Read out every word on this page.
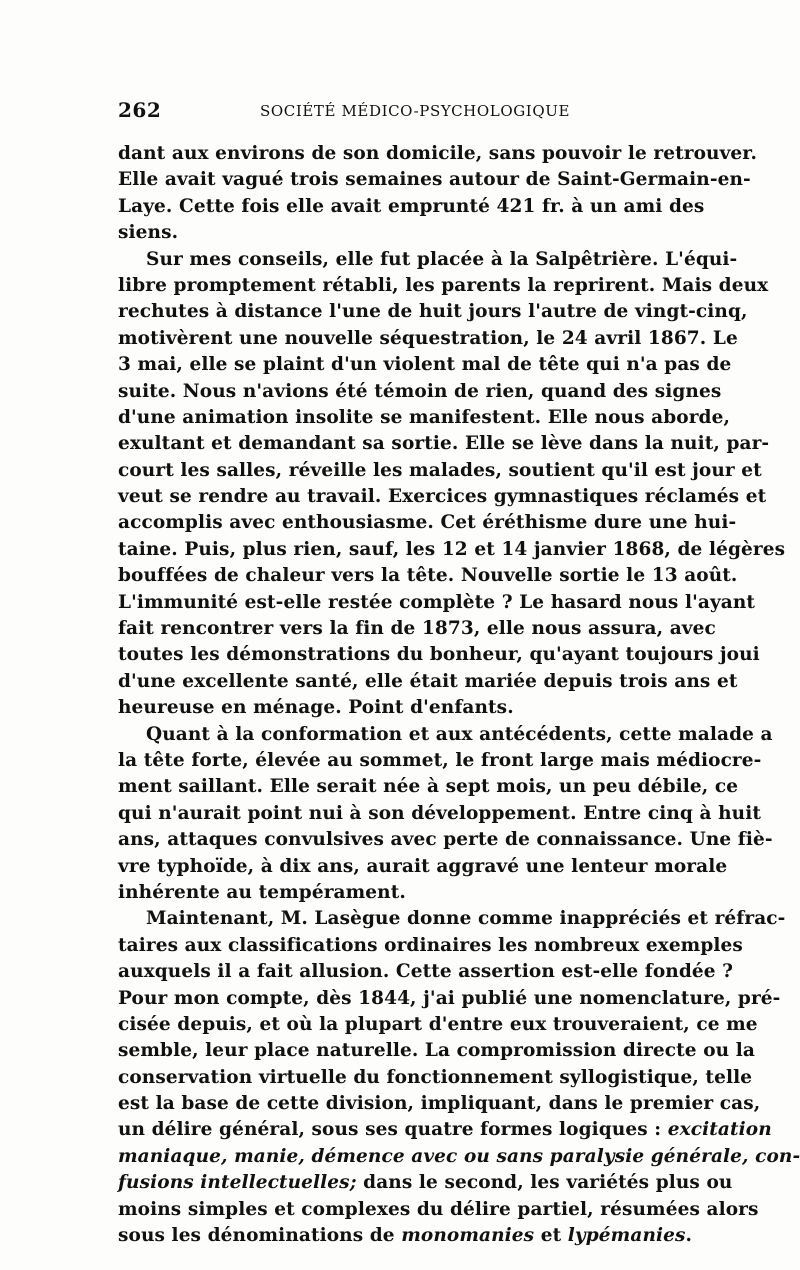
262	SOCIÉTÉ MÉDICO-PSYCHOLOGIQUE
dant aux environs de son domicile, sans pouvoir le retrouver.
Elle avait vagué trois semaines autour de Saint-Germain-en-
Laye. Cette fois elle avait emprunté 421 fr. à un ami des
siens.
Sur mes conseils, elle fut placée à la Salpêtrière. L'équi-
libre promptement rétabli, les parents la reprirent. Mais deux
rechutes à distance l'une de huit jours l'autre de vingt-cinq,
motivèrent une nouvelle séquestration, le 24 avril 1867. Le
3 mai, elle se plaint d'un violent mal de tête qui n'a pas de
suite. Nous n'avions été témoin de rien, quand des signes
d'une animation insolite se manifestent. Elle nous aborde,
exultant et demandant sa sortie. Elle se lève dans la nuit, par-
court les salles, réveille les malades, soutient qu'il est jour et
veut se rendre au travail. Exercices gymnastiques réclamés et
accomplis avec enthousiasme. Cet éréthisme dure une hui-
taine. Puis, plus rien, sauf, les 12 et 14 janvier 1868, de légères
bouffées de chaleur vers la tête. Nouvelle sortie le 13 août.
L'immunité est-elle restée complète ? Le hasard nous l'ayant
fait rencontrer vers la fin de 1873, elle nous assura, avec
toutes les démonstrations du bonheur, qu'ayant toujours joui
d'une excellente santé, elle était mariée depuis trois ans et
heureuse en ménage. Point d'enfants.
Quant à la conformation et aux antécédents, cette malade a
la tête forte, élevée au sommet, le front large mais médiocre-
ment saillant. Elle serait née à sept mois, un peu débile, ce
qui n'aurait point nui à son développement. Entre cinq à huit
ans, attaques convulsives avec perte de connaissance. Une fiè-
vre typhoïde, à dix ans, aurait aggravé une lenteur morale
inhérente au tempérament.
Maintenant, M. Lasègue donne comme inappréciés et réfrac-
taires aux classifications ordinaires les nombreux exemples
auxquels il a fait allusion. Cette assertion est-elle fondée ?
Pour mon compte, dès 1844, j'ai publié une nomenclature, pré-
cisée depuis, et où la plupart d'entre eux trouveraient, ce me
semble, leur place naturelle. La compromission directe ou la
conservation virtuelle du fonctionnement syllogistique, telle
est la base de cette division, impliquant, dans le premier cas,
un délire général, sous ses quatre formes logiques : excitation
maniaque, manie, démence avec ou sans paralysie générale, con-
fusions intellectuelles; dans le second, les variétés plus ou
moins simples et complexes du délire partiel, résumées alors
sous les dénominations de monomanies et lypémanies.
